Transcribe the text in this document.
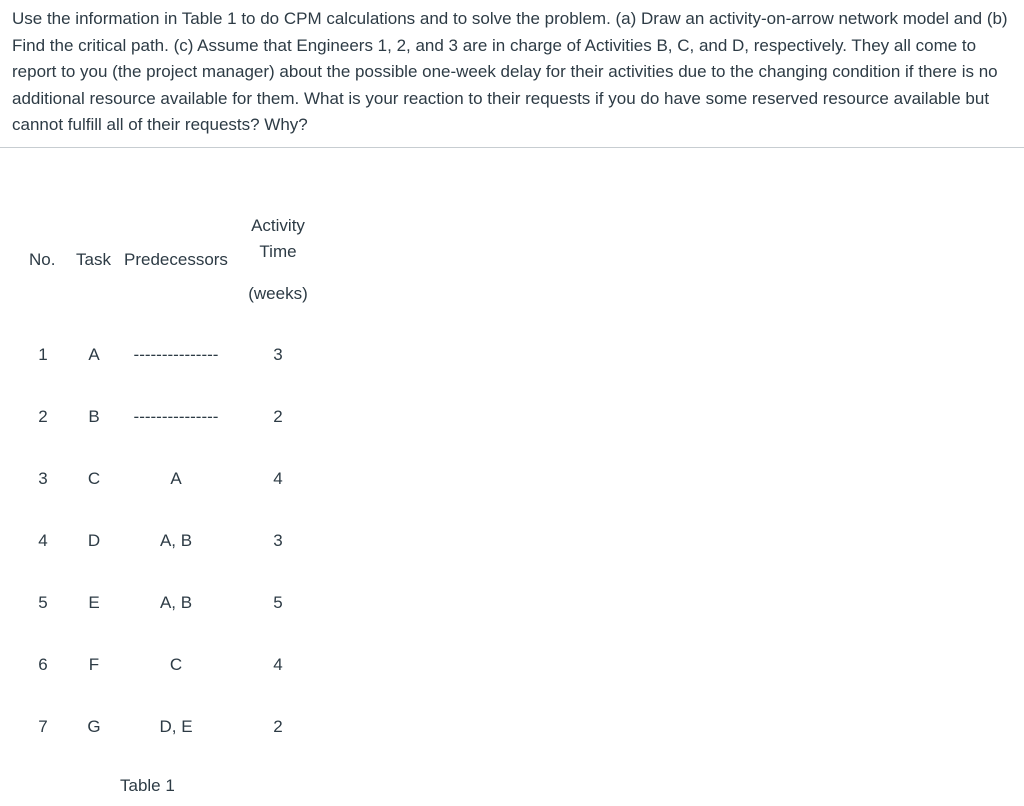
Use the information in Table 1 to do CPM calculations and to solve the problem. (a) Draw an activity-on-arrow network model and (b) Find the critical path. (c) Assume that Engineers 1, 2, and 3 are in charge of Activities B, C, and D, respectively. They all come to report to you (the project manager) about the possible one-week delay for their activities due to the changing condition if there is no additional resource available for them. What is your reaction to their requests if you do have some reserved resource available but cannot fulfill all of their requests? Why?

No. Task Predecessors
Activity
Time
(weeks)
1 A	---------------	3
2 B	---------------	2
3 C	A	4
4 D	A, B	3
5 E	A, B	5
6 F	C	4
7 G	D, E	2
Table 1
